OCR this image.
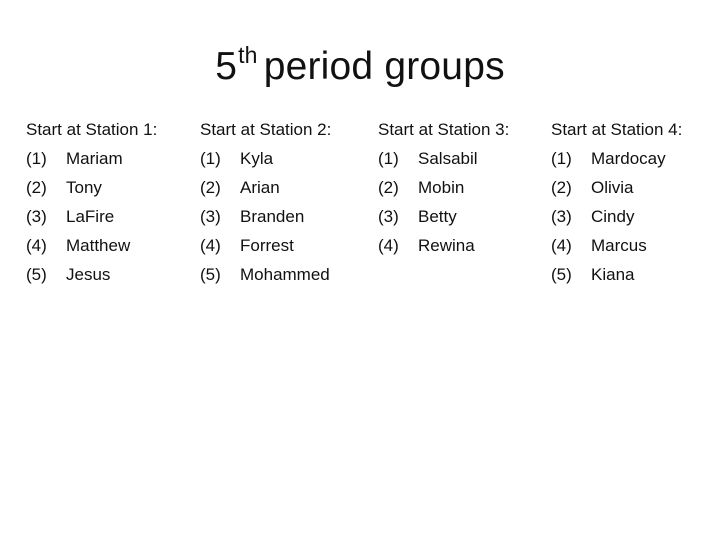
5th period groups
Start at Station 1:
(1) Mariam
(2) Tony
(3) LaFire
(4) Matthew
(5) Jesus
Start at Station 2:
(1) Kyla
(2) Arian
(3) Branden
(4) Forrest
(5) Mohammed
Start at Station 3:
(1) Salsabil
(2) Mobin
(3) Betty
(4) Rewina
Start at Station 4:
(1) Mardocay
(2) Olivia
(3) Cindy
(4) Marcus
(5) Kiana
